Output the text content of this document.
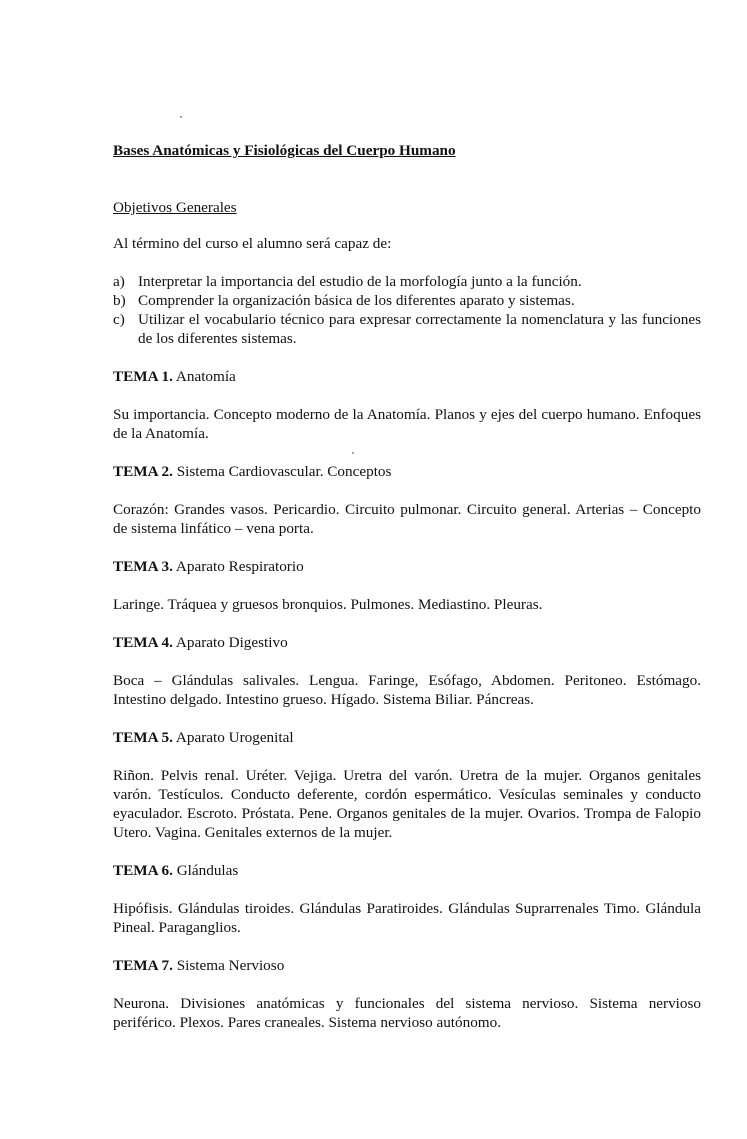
Bases Anatómicas y Fisiológicas del Cuerpo Humano
Objetivos Generales
Al término del curso el alumno será capaz de:
a) Interpretar la importancia del estudio de la morfología junto a la función.
b) Comprender la organización básica de los diferentes aparato y sistemas.
c) Utilizar el vocabulario técnico para expresar correctamente la nomenclatura y las funciones de los diferentes sistemas.
TEMA 1. Anatomía
Su importancia. Concepto moderno de la Anatomía. Planos y ejes del cuerpo humano. Enfoques de la Anatomía.
TEMA 2. Sistema Cardiovascular. Conceptos
Corazón: Grandes vasos. Pericardio. Circuito pulmonar. Circuito general. Arterias – Concepto de sistema linfático – vena porta.
TEMA 3. Aparato Respiratorio
Laringe. Tráquea y gruesos bronquios. Pulmones. Mediastino. Pleuras.
TEMA 4. Aparato Digestivo
Boca – Glándulas salivales. Lengua. Faringe, Esófago, Abdomen. Peritoneo. Estómago. Intestino delgado. Intestino grueso. Hígado. Sistema Biliar. Páncreas.
TEMA 5. Aparato Urogenital
Riñon. Pelvis renal. Uréter. Vejiga. Uretra del varón. Uretra de la mujer. Organos genitales varón. Testículos. Conducto deferente, cordón espermático. Vesículas seminales y conducto eyaculador. Escroto. Próstata. Pene. Organos genitales de la mujer. Ovarios. Trompa de Falopio Utero. Vagina. Genitales externos de la mujer.
TEMA 6. Glándulas
Hipófisis. Glándulas tiroides. Glándulas Paratiroides. Glándulas Suprarrenales Timo. Glándula Pineal. Paraganglios.
TEMA 7. Sistema Nervioso
Neurona. Divisiones anatómicas y funcionales del sistema nervioso. Sistema nervioso periférico. Plexos. Pares craneales. Sistema nervioso autónomo.
